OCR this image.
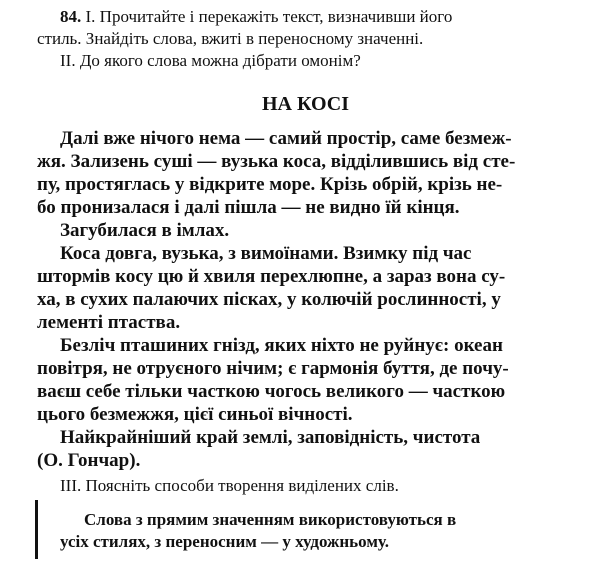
84. I. Прочитайте і перекажіть текст, визначивши його
стиль. Знайдіть слова, вжиті в переносному значенні.
II. До якого слова можна дібрати омонім?
НА КОСІ
Далі вже нічого нема — самий простір, саме безмеж-
жя. Зализень суші — вузька коса, відділившись від сте-
пу, простяглась у відкрите море. Крізь обрій, крізь не-
бо пронизалася і далі пішла — не видно їй кінця.
Загубилася в імлах.
Коса довга, вузька, з вимоїнами. Взимку під час
штормів косу цю й хвиля перехлюпне, а зараз вона су-
ха, в сухих палаючих пісках, у колючій рослинності, у
лементі птаства.
Безліч пташиних гнізд, яких ніхто не руйнує: океан
повітря, не отруєного нічим; є гармонія буття, де почу-
ваєш себе тільки часткою чогось великого — часткою
цього безмежжя, цієї синьої вічності.
Найкрайніший край землі, заповідність, чистота
(О. Гончар).
III. Поясніть способи творення виділених слів.
Слова з прямим значенням використовуються в
усіх стилях, з переносним — у художньому.
